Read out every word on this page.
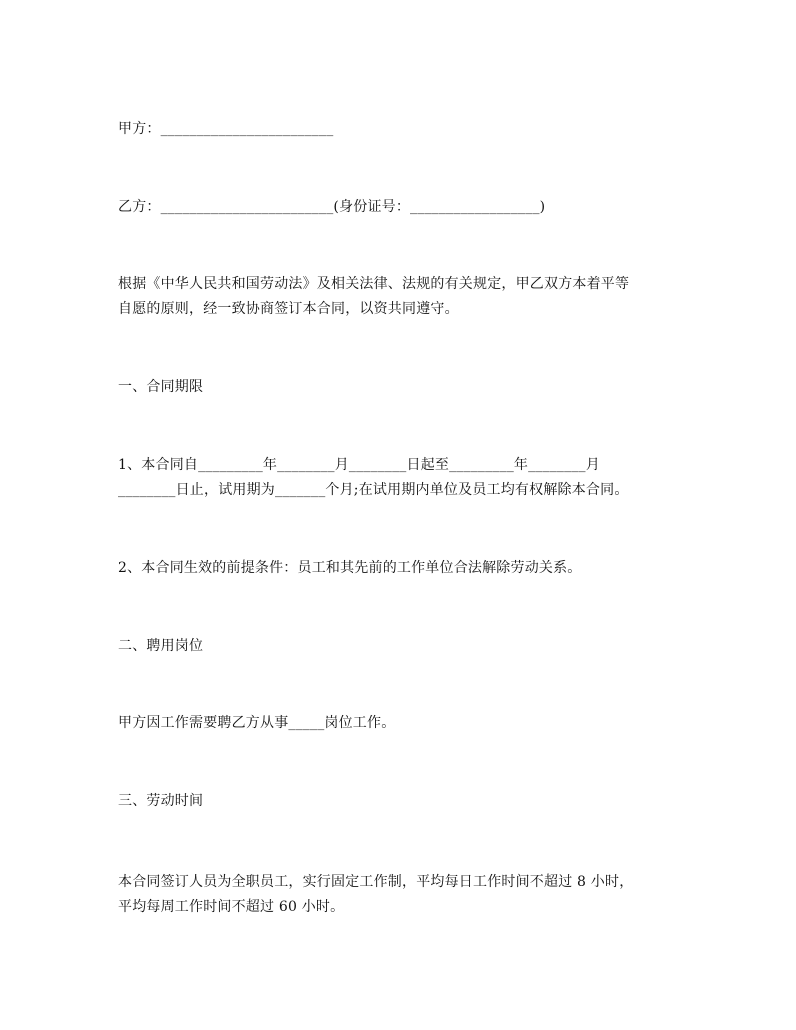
甲方：________________________
乙方：________________________(身份证号：__________________)
根据《中华人民共和国劳动法》及相关法律、法规的有关规定，甲乙双方本着平等
自愿的原则，经一致协商签订本合同，以资共同遵守。
一、合同期限
1、本合同自_________年________月________日起至_________年________月
________日止，试用期为_______个月;在试用期内单位及员工均有权解除本合同。
2、本合同生效的前提条件：员工和其先前的工作单位合法解除劳动关系。
二、聘用岗位
甲方因工作需要聘乙方从事_____岗位工作。
三、劳动时间
本合同签订人员为全职员工，实行固定工作制，平均每日工作时间不超过 8 小时，
平均每周工作时间不超过 60 小时。
